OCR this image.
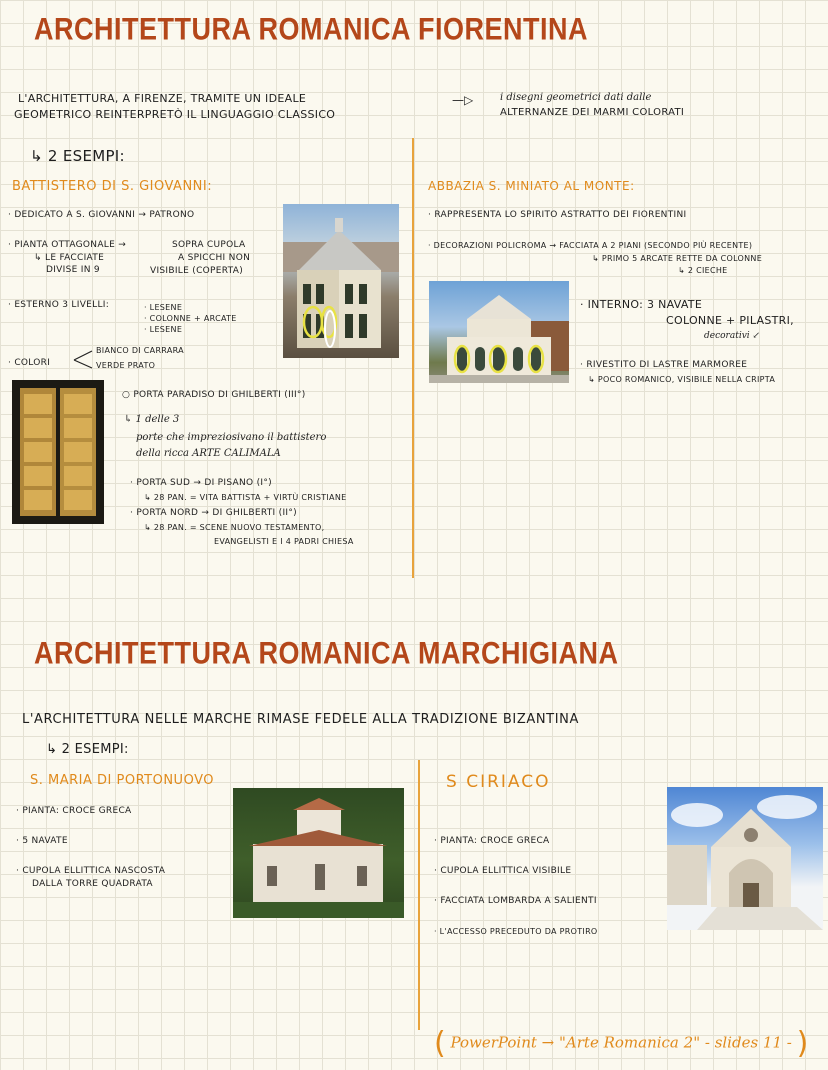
ARCHITETTURA ROMANICA FIORENTINA
L'ARCHITETTURA, A FIRENZE, TRAMITE UN IDEALE
GEOMETRICO REINTERPRETÒ IL LINGUAGGIO CLASSICO
—▷	i disegni geometrici dati dalle
ALTERNANZE DEI MARMI COLORATI
↳ 2 ESEMPI:
BATTISTERO DI S. GIOVANNI:
· DEDICATO A S. GIOVANNI → PATRONO
· PIANTA OTTAGONALE →
↳ LE FACCIATE
DIVISE IN 9
SOPRA CUPOLA
A SPICCHI NON
VISIBILE (COPERTA)
· ESTERNO 3 LIVELLI:	· LESENE
· COLONNE + ARCATE
· LESENE
· COLORI
BIANCO DI CARRARA
VERDE PRATO
○ PORTA PARADISO DI GHILBERTI (III°)
↳ 1 delle 3
porte che impreziosivano il battistero
della ricca ARTE CALIMALA
· PORTA SUD → DI PISANO (I°)
↳ 28 PAN. = VITA BATTISTA + VIRTÙ CRISTIANE
· PORTA NORD → DI GHILBERTI (II°)
↳ 28 PAN. = SCENE NUOVO TESTAMENTO,
EVANGELISTI E I 4 PADRI CHIESA
ABBAZIA S. MINIATO AL MONTE:
· RAPPRESENTA LO SPIRITO ASTRATTO DEI FIORENTINI
· DECORAZIONI POLICROMA → FACCIATA A 2 PIANI (SECONDO PIÙ RECENTE)
↳ PRIMO 5 ARCATE RETTE DA COLONNE
↳ 2 CIECHE
· INTERNO: 3 NAVATE
COLONNE + PILASTRI,
decorativi ↙
· RIVESTITO DI LASTRE MARMOREE
↳ POCO ROMANICO, VISIBILE NELLA CRIPTA
ARCHITETTURA ROMANICA MARCHIGIANA
L'ARCHITETTURA NELLE MARCHE RIMASE FEDELE ALLA TRADIZIONE BIZANTINA
↳ 2 ESEMPI:
S. MARIA DI PORTONUOVO
· PIANTA: CROCE GRECA
· 5 NAVATE
· CUPOLA ELLITTICA NASCOSTA
DALLA TORRE QUADRATA
S CIRIACO
· PIANTA: CROCE GRECA
· CUPOLA ELLITTICA VISIBILE
· FACCIATA LOMBARDA A SALIENTI
· L'ACCESSO PRECEDUTO DA PROTIRO
( PowerPoint → "Arte Romanica 2" - slides 11 - )
